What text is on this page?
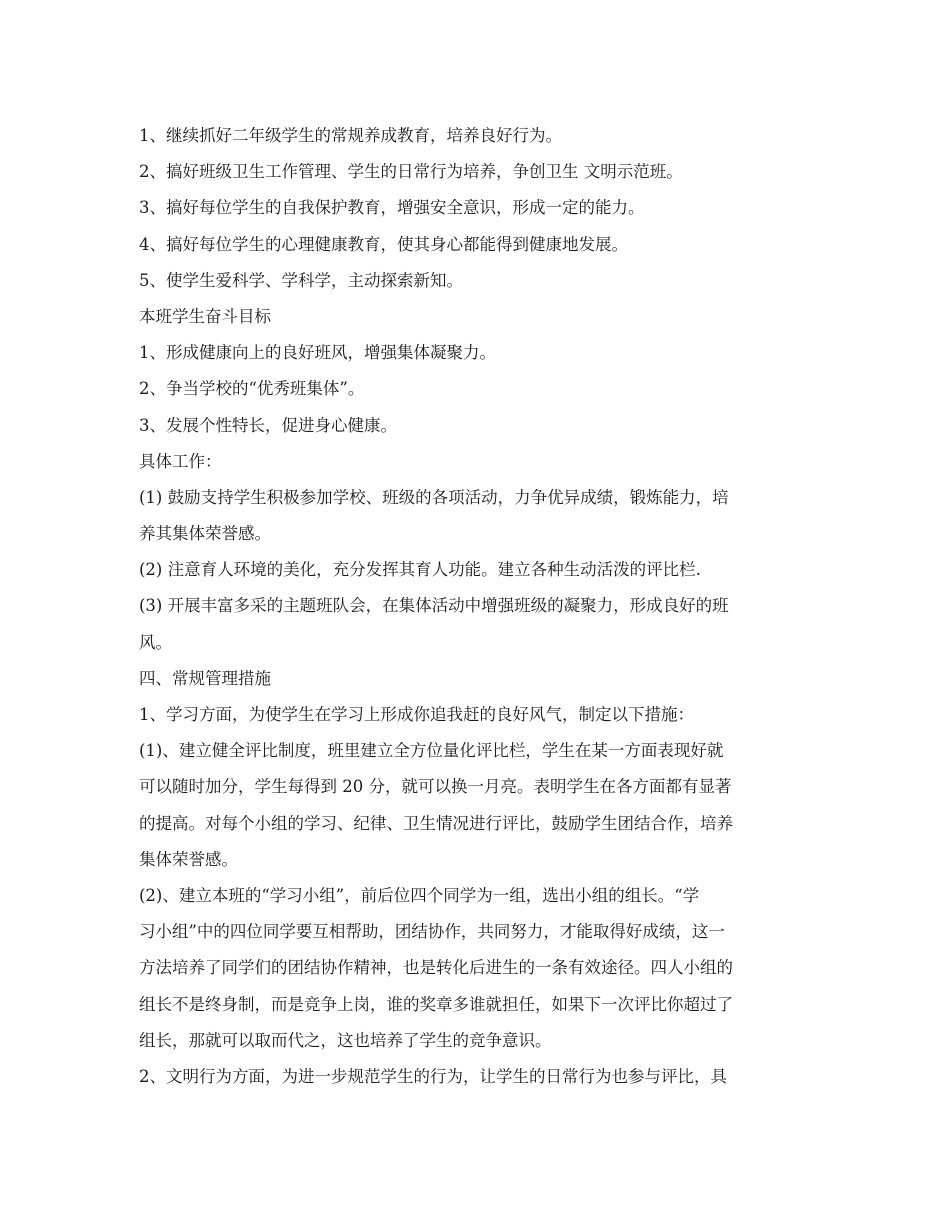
1、继续抓好二年级学生的常规养成教育，培养良好行为。

2、搞好班级卫生工作管理、学生的日常行为培养，争创卫生 文明示范班。

3、搞好每位学生的自我保护教育，增强安全意识，形成一定的能力。

4、搞好每位学生的心理健康教育，使其身心都能得到健康地发展。

5、使学生爱科学、学科学，主动探索新知。

本班学生奋斗目标

1、形成健康向上的良好班风，增强集体凝聚力。

2、争当学校的“优秀班集体”。

3、发展个性特长，促进身心健康。

具体工作：

(1) 鼓励支持学生积极参加学校、班级的各项活动，力争优异成绩，锻炼能力，培

养其集体荣誉感。

(2) 注意育人环境的美化，充分发挥其育人功能。建立各种生动活泼的评比栏.

(3) 开展丰富多采的主题班队会，在集体活动中增强班级的凝聚力，形成良好的班

风。

四、常规管理措施

1、学习方面，为使学生在学习上形成你追我赶的良好风气，制定以下措施：

(1)、建立健全评比制度，班里建立全方位量化评比栏，学生在某一方面表现好就

可以随时加分，学生每得到 20 分，就可以换一月亮。表明学生在各方面都有显著

的提高。对每个小组的学习、纪律、卫生情况进行评比，鼓励学生团结合作，培养

集体荣誉感。

(2)、建立本班的“学习小组”，前后位四个同学为一组，选出小组的组长。“学

习小组”中的四位同学要互相帮助，团结协作，共同努力，才能取得好成绩，这一

方法培养了同学们的团结协作精神，也是转化后进生的一条有效途径。四人小组的

组长不是终身制，而是竞争上岗，谁的奖章多谁就担任，如果下一次评比你超过了

组长，那就可以取而代之，这也培养了学生的竞争意识。

2、文明行为方面，为进一步规范学生的行为，让学生的日常行为也参与评比，具
